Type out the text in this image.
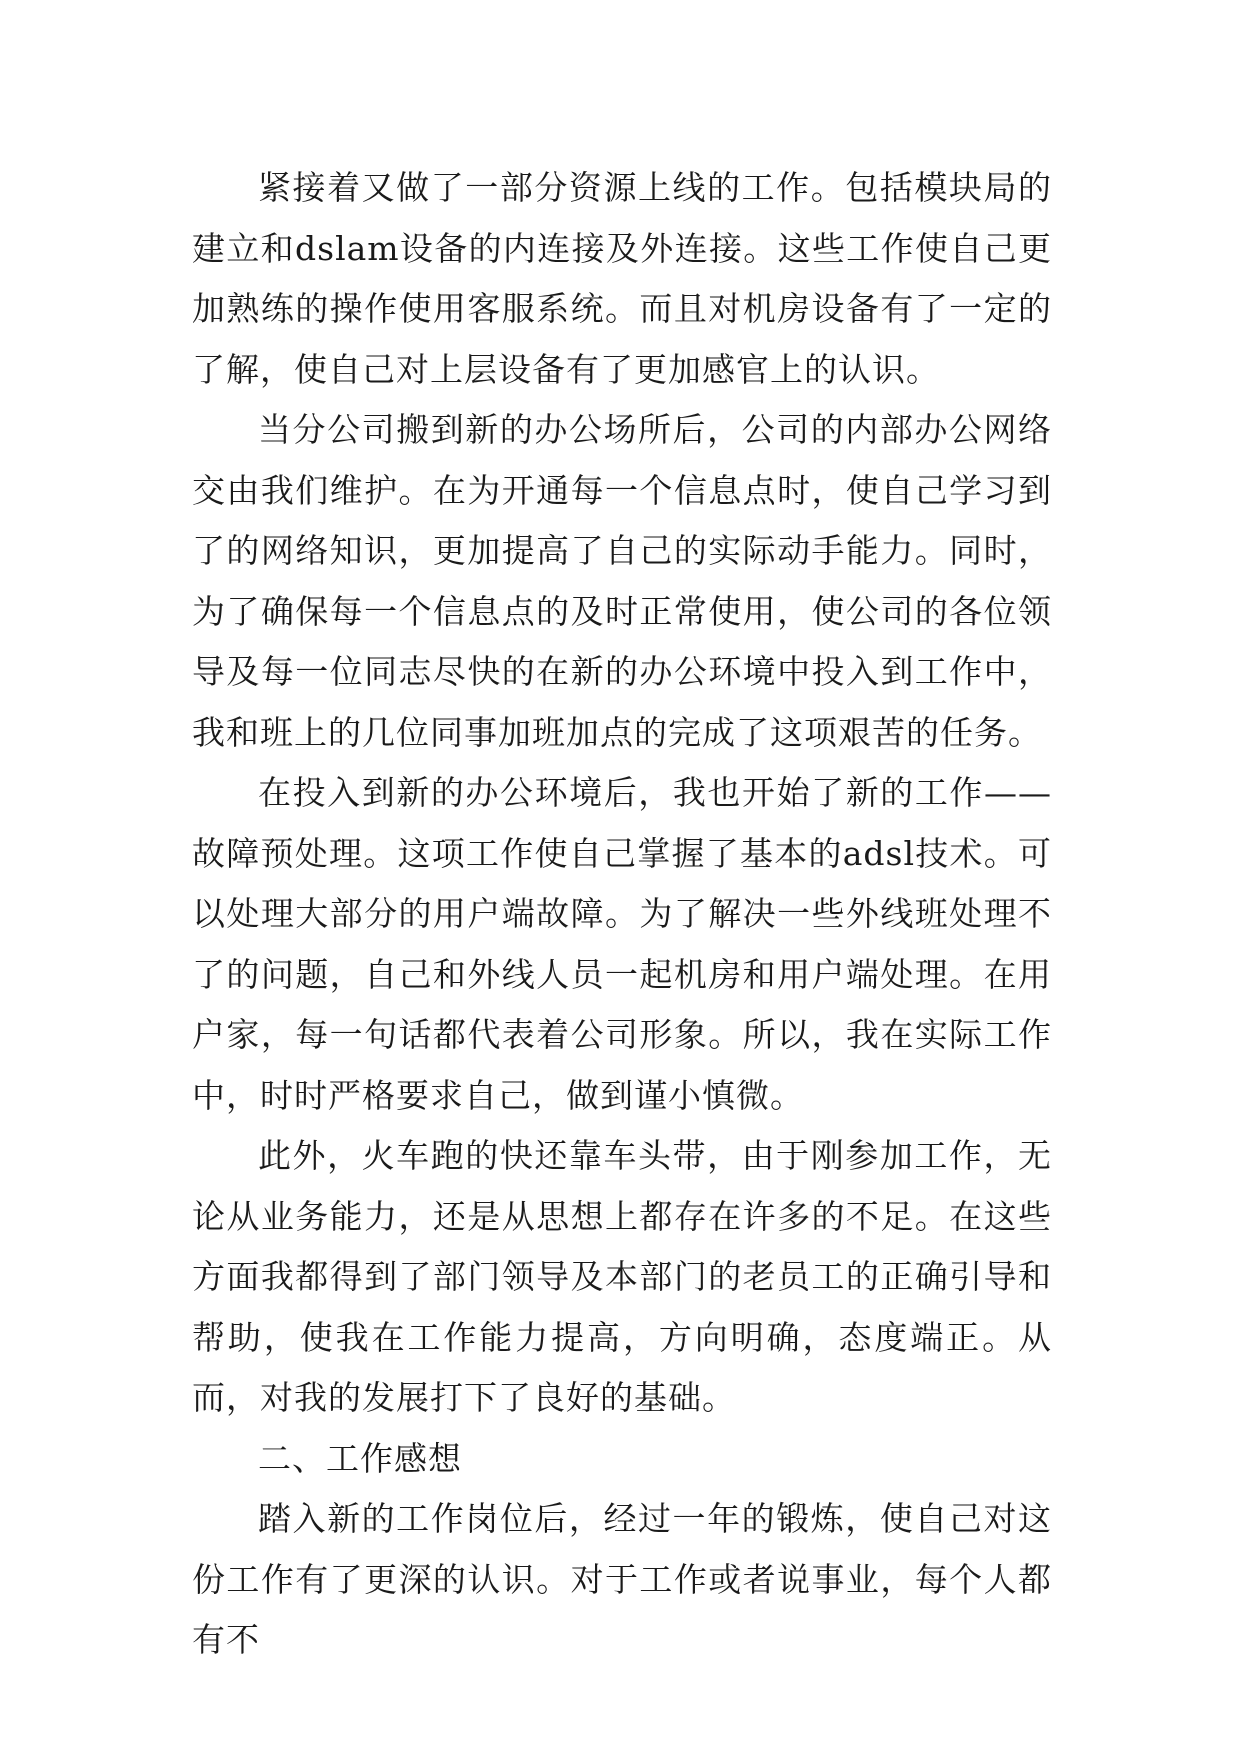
紧接着又做了一部分资源上线的工作。包括模块局的建立和dslam设备的内连接及外连接。这些工作使自己更加熟练的操作使用客服系统。而且对机房设备有了一定的了解，使自己对上层设备有了更加感官上的认识。

当分公司搬到新的办公场所后，公司的内部办公网络交由我们维护。在为开通每一个信息点时，使自己学习到了的网络知识，更加提高了自己的实际动手能力。同时，为了确保每一个信息点的及时正常使用，使公司的各位领导及每一位同志尽快的在新的办公环境中投入到工作中，我和班上的几位同事加班加点的完成了这项艰苦的任务。

在投入到新的办公环境后，我也开始了新的工作——故障预处理。这项工作使自己掌握了基本的adsl技术。可以处理大部分的用户端故障。为了解决一些外线班处理不了的问题，自己和外线人员一起机房和用户端处理。在用户家，每一句话都代表着公司形象。所以，我在实际工作中，时时严格要求自己，做到谨小慎微。

此外，火车跑的快还靠车头带，由于刚参加工作，无论从业务能力，还是从思想上都存在许多的不足。在这些方面我都得到了部门领导及本部门的老员工的正确引导和帮助，使我在工作能力提高，方向明确，态度端正。从而，对我的发展打下了良好的基础。

二、工作感想

踏入新的工作岗位后，经过一年的锻炼，使自己对这份工作有了更深的认识。对于工作或者说事业，每个人都有不
